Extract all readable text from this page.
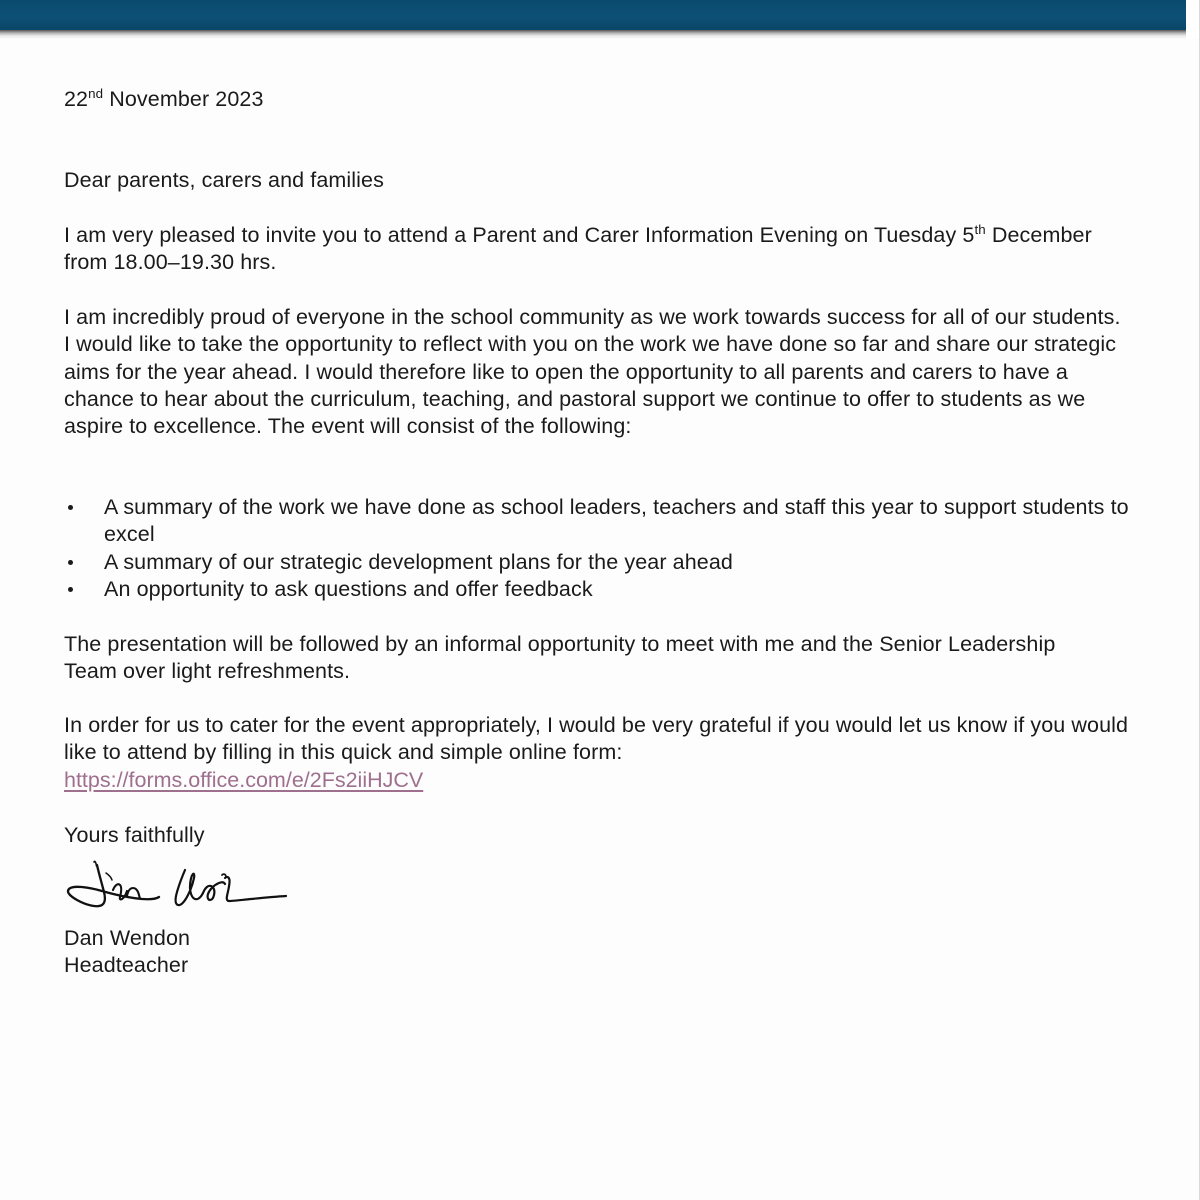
22nd November 2023
Dear parents, carers and families
I am very pleased to invite you to attend a Parent and Carer Information Evening on Tuesday 5th December from 18.00–19.30 hrs.
I am incredibly proud of everyone in the school community as we work towards success for all of our students. I would like to take the opportunity to reflect with you on the work we have done so far and share our strategic aims for the year ahead. I would therefore like to open the opportunity to all parents and carers to have a chance to hear about the curriculum, teaching, and pastoral support we continue to offer to students as we aspire to excellence. The event will consist of the following:
A summary of the work we have done as school leaders, teachers and staff this year to support students to excel
A summary of our strategic development plans for the year ahead
An opportunity to ask questions and offer feedback
The presentation will be followed by an informal opportunity to meet with me and the Senior Leadership Team over light refreshments.
In order for us to cater for the event appropriately, I would be very grateful if you would let us know if you would like to attend by filling in this quick and simple online form:
https://forms.office.com/e/2Fs2iiHJCV
Yours faithfully
Dan Wendon
Headteacher
